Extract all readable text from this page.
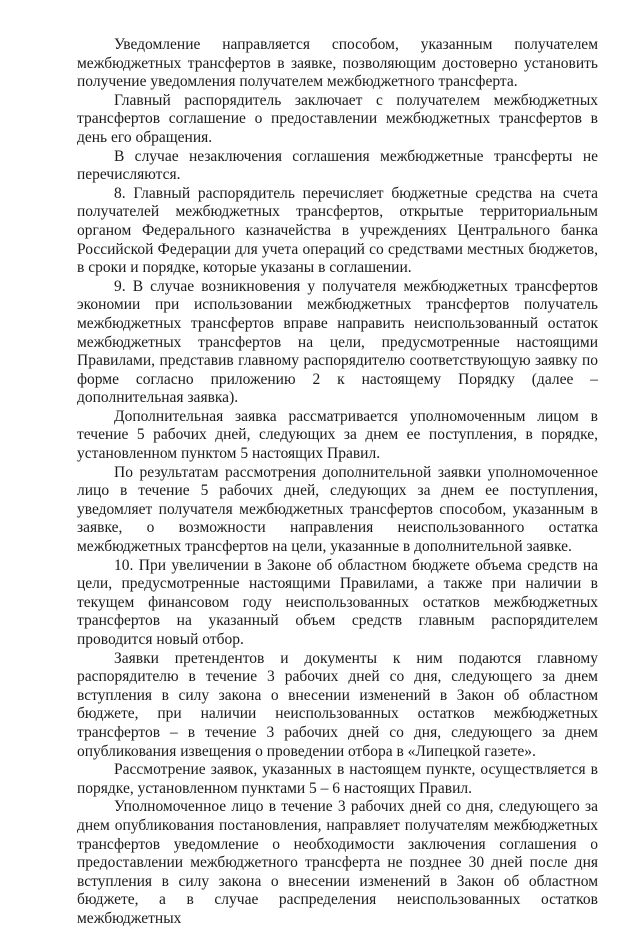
Уведомление направляется способом, указанным получателем межбюджетных трансфертов в заявке, позволяющим достоверно установить получение уведомления получателем межбюджетного трансферта.

Главный распорядитель заключает с получателем межбюджетных трансфертов соглашение о предоставлении межбюджетных трансфертов в день его обращения.

В случае незаключения соглашения межбюджетные трансферты не перечисляются.

8. Главный распорядитель перечисляет бюджетные средства на счета получателей межбюджетных трансфертов, открытые территориальным органом Федерального казначейства в учреждениях Центрального банка Российской Федерации для учета операций со средствами местных бюджетов, в сроки и порядке, которые указаны в соглашении.

9. В случае возникновения у получателя межбюджетных трансфертов экономии при использовании межбюджетных трансфертов получатель межбюджетных трансфертов вправе направить неиспользованный остаток межбюджетных трансфертов на цели, предусмотренные настоящими Правилами, представив главному распорядителю соответствующую заявку по форме согласно приложению 2 к настоящему Порядку (далее – дополнительная заявка).

Дополнительная заявка рассматривается уполномоченным лицом в течение 5 рабочих дней, следующих за днем ее поступления, в порядке, установленном пунктом 5 настоящих Правил.

По результатам рассмотрения дополнительной заявки уполномоченное лицо в течение 5 рабочих дней, следующих за днем ее поступления, уведомляет получателя межбюджетных трансфертов способом, указанным в заявке, о возможности направления неиспользованного остатка межбюджетных трансфертов на цели, указанные в дополнительной заявке.

10. При увеличении в Законе об областном бюджете объема средств на цели, предусмотренные настоящими Правилами, а также при наличии в текущем финансовом году неиспользованных остатков межбюджетных трансфертов на указанный объем средств главным распорядителем проводится новый отбор.

Заявки претендентов и документы к ним подаются главному распорядителю в течение 3 рабочих дней со дня, следующего за днем вступления в силу закона о внесении изменений в Закон об областном бюджете, при наличии неиспользованных остатков межбюджетных трансфертов – в течение 3 рабочих дней со дня, следующего за днем опубликования извещения о проведении отбора в «Липецкой газете».

Рассмотрение заявок, указанных в настоящем пункте, осуществляется в порядке, установленном пунктами 5 – 6 настоящих Правил.

Уполномоченное лицо в течение 3 рабочих дней со дня, следующего за днем опубликования постановления, направляет получателям межбюджетных трансфертов уведомление о необходимости заключения соглашения о предоставлении межбюджетного трансферта не позднее 30 дней после дня вступления в силу закона о внесении изменений в Закон об областном бюджете, а в случае распределения неиспользованных остатков межбюджетных
